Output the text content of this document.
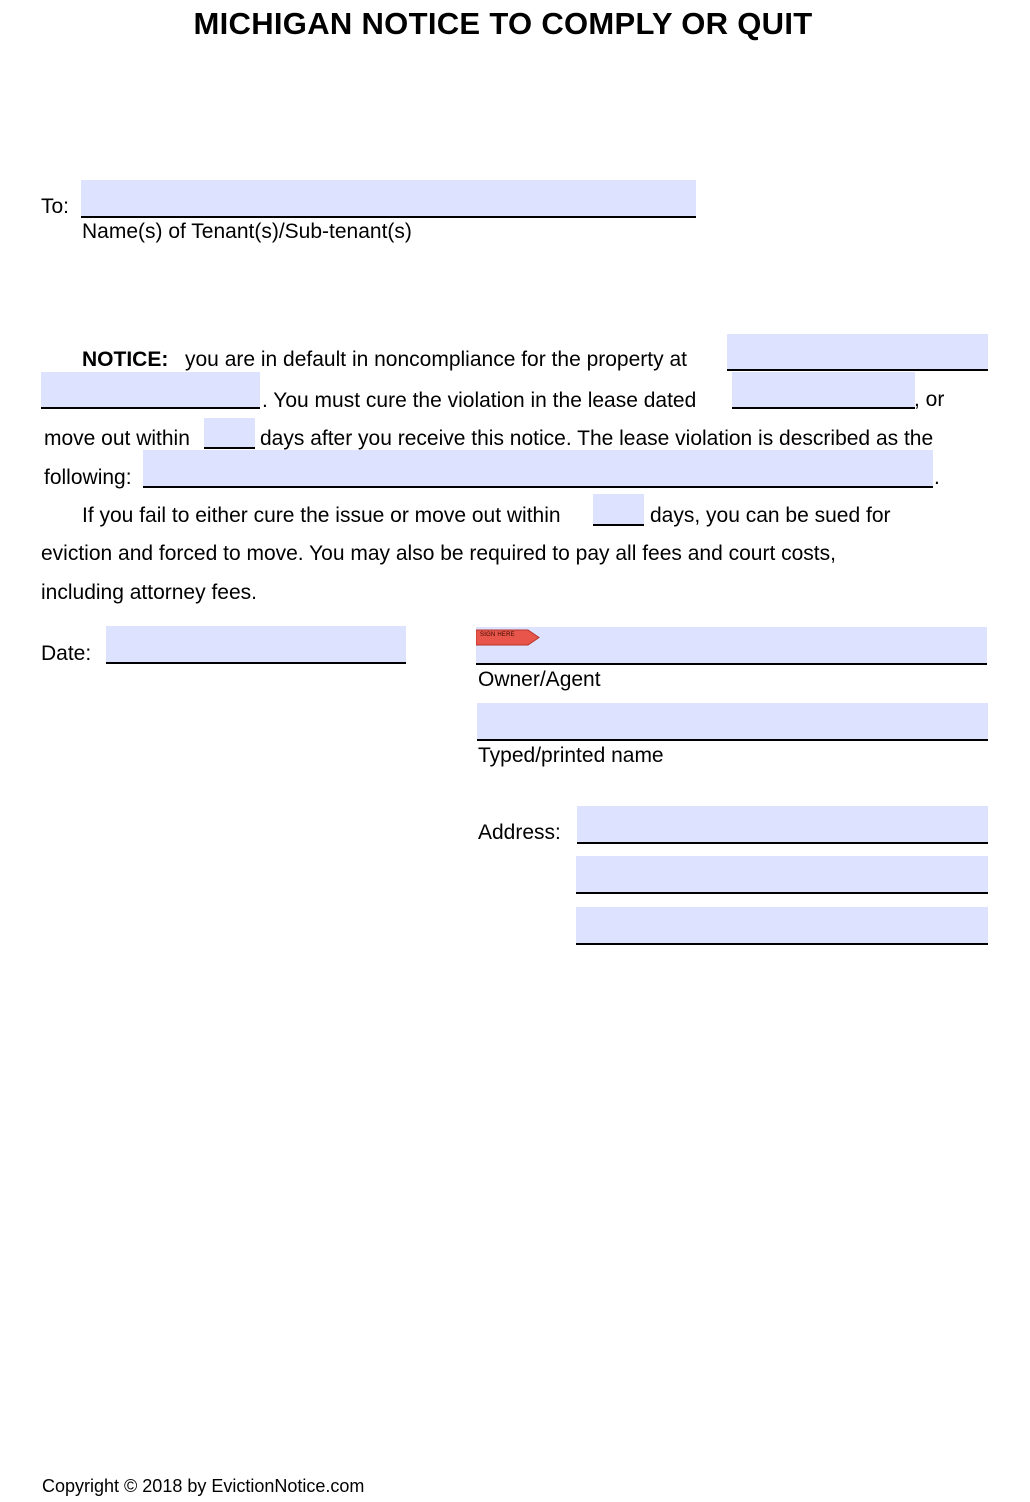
MICHIGAN NOTICE TO COMPLY OR QUIT
To:
Name(s) of Tenant(s)/Sub-tenant(s)
NOTICE: you are in default in noncompliance for the property at
. You must cure the violation in the lease dated	, or
move out within	days after you receive this notice. The lease violation is described as the
following:	.
If you fail to either cure the issue or move out within	days, you can be sued for
eviction and forced to move. You may also be required to pay all fees and court costs,
including attorney fees.
Date:
SIGN HERE
Owner/Agent
Typed/printed name
Address:
Copyright © 2018 by EvictionNotice.com
